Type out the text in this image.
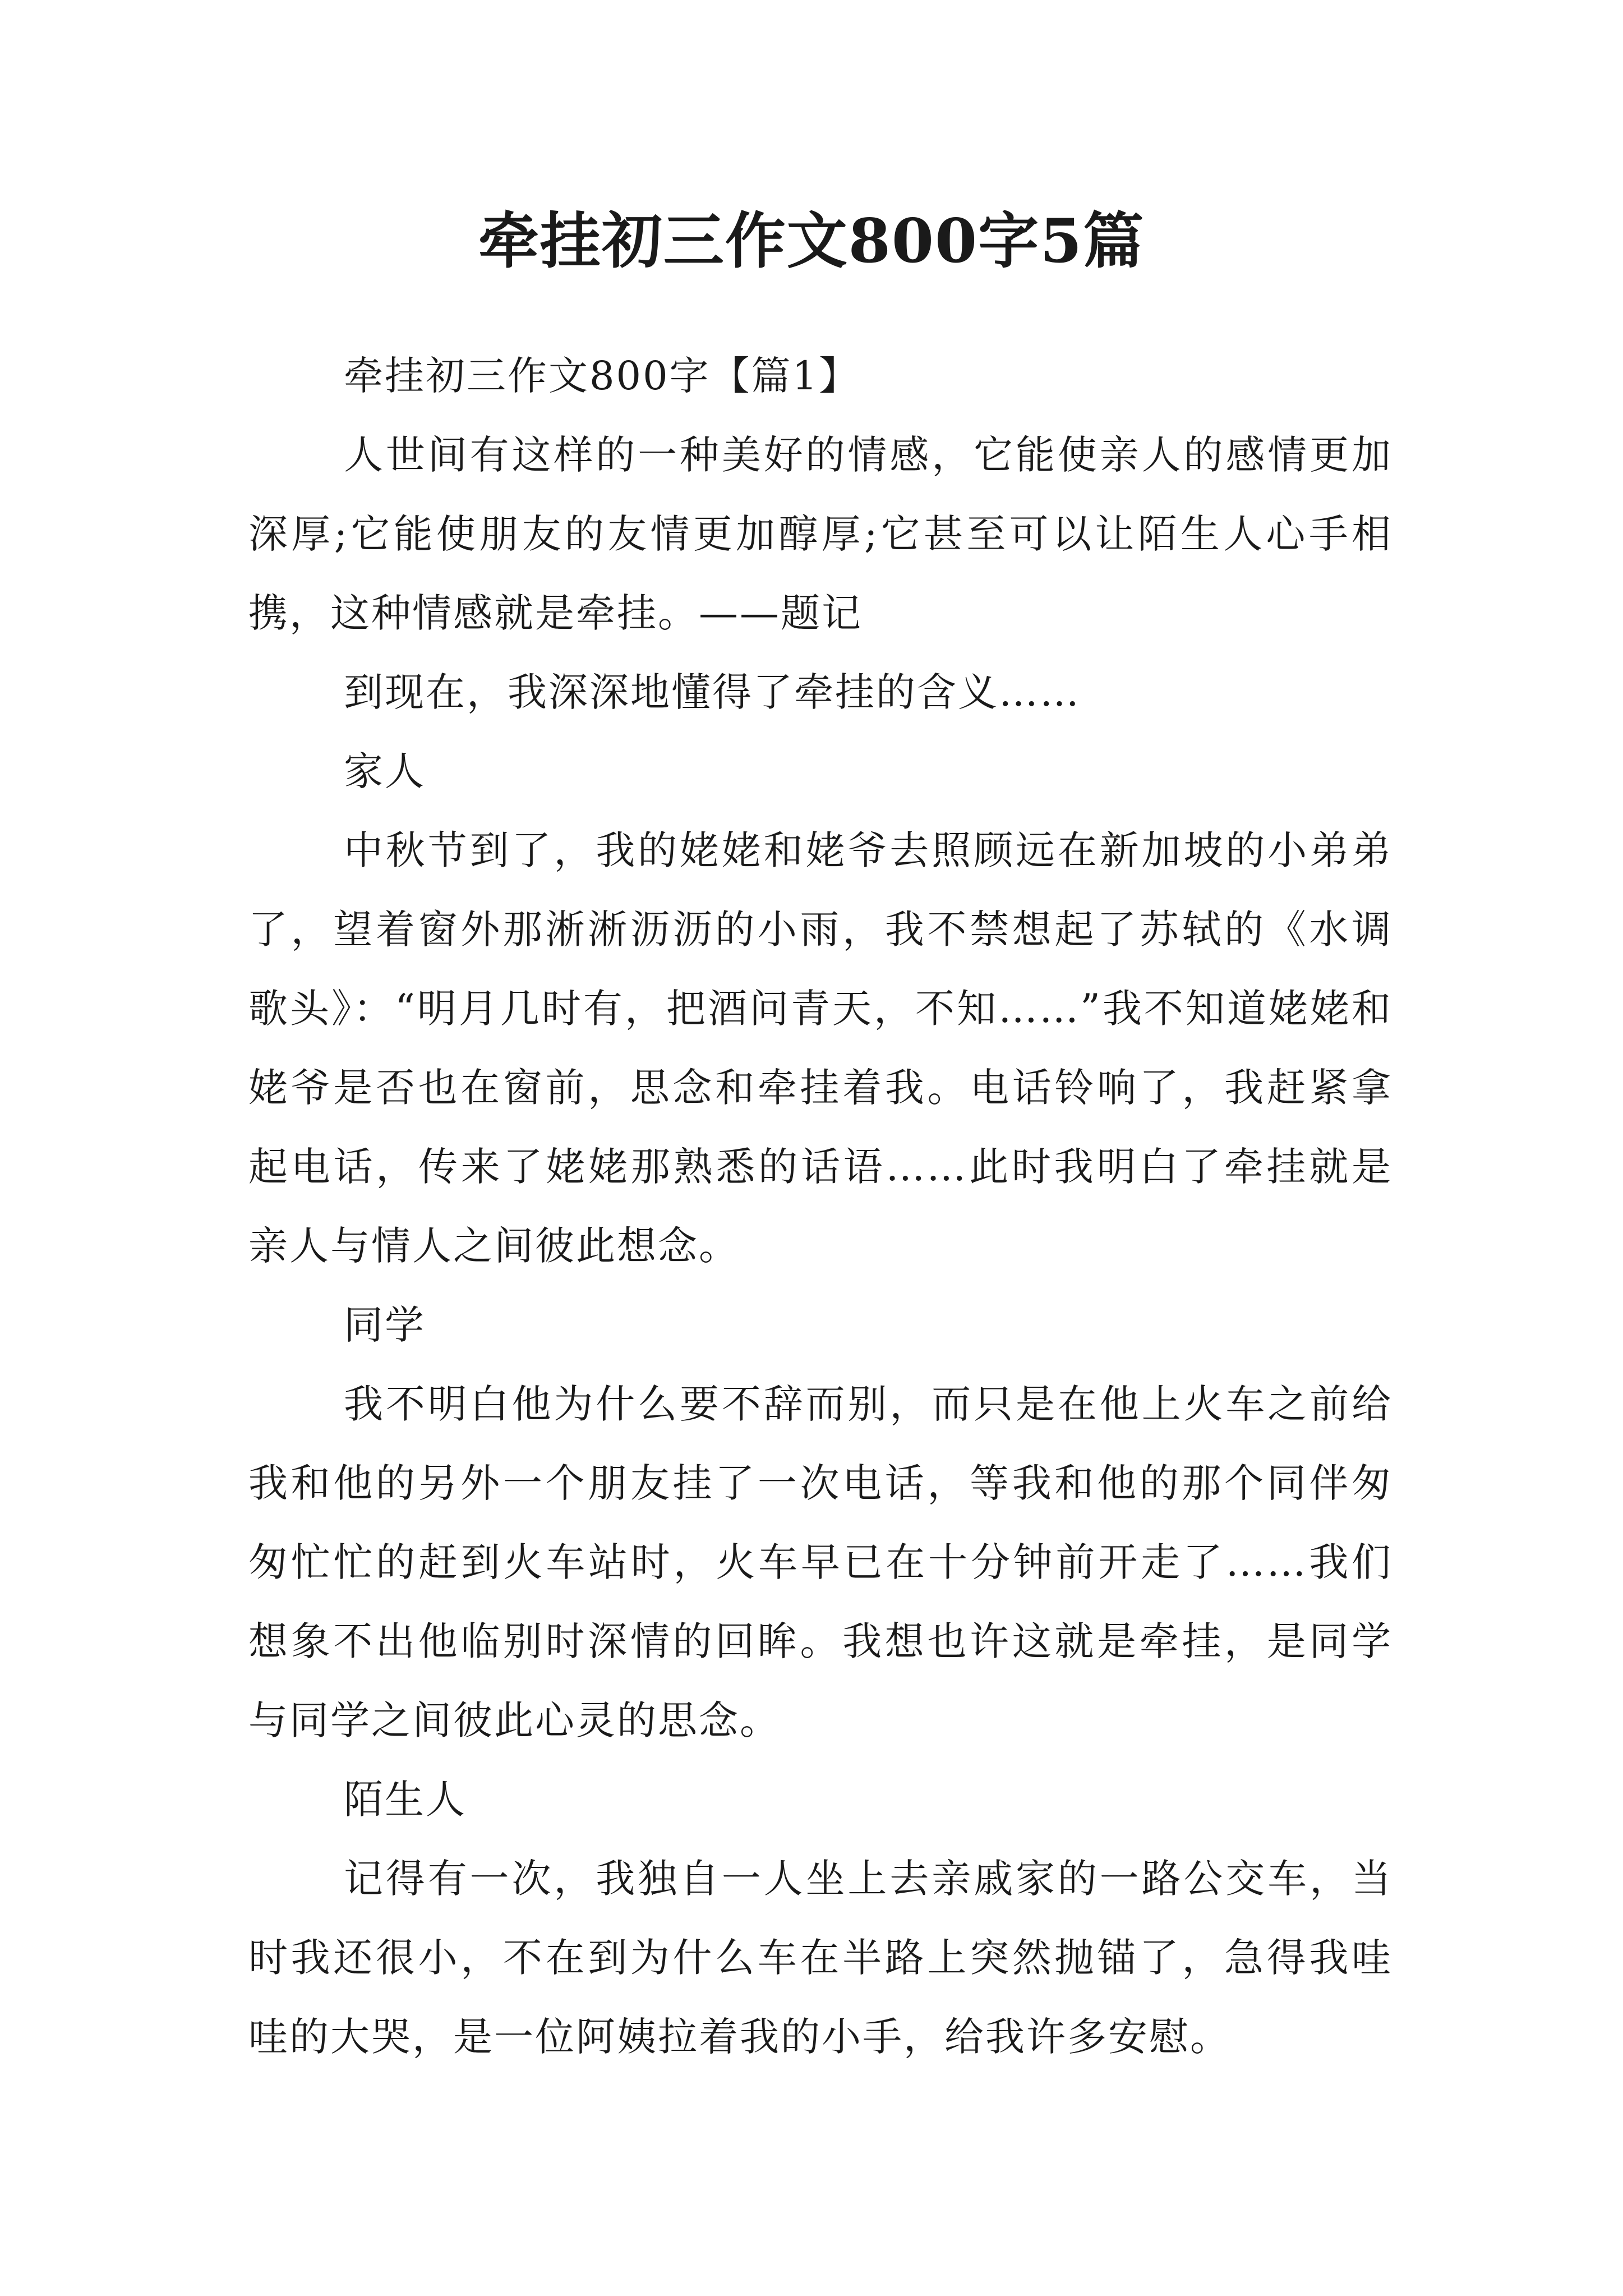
牵挂初三作文800字5篇

牵挂初三作文800字【篇1】

人世间有这样的一种美好的情感，它能使亲人的感情更加深厚;它能使朋友的友情更加醇厚;它甚至可以让陌生人心手相携，这种情感就是牵挂。——题记

到现在，我深深地懂得了牵挂的含义……

家人

中秋节到了，我的姥姥和姥爷去照顾远在新加坡的小弟弟了，望着窗外那淅淅沥沥的小雨，我不禁想起了苏轼的《水调歌头》：“明月几时有，把酒问青天，不知……”我不知道姥姥和姥爷是否也在窗前，思念和牵挂着我。电话铃响了，我赶紧拿起电话，传来了姥姥那熟悉的话语……此时我明白了牵挂就是亲人与情人之间彼此想念。

同学

我不明白他为什么要不辞而别，而只是在他上火车之前给我和他的另外一个朋友挂了一次电话，等我和他的那个同伴匆匆忙忙的赶到火车站时，火车早已在十分钟前开走了……我们想象不出他临别时深情的回眸。我想也许这就是牵挂，是同学与同学之间彼此心灵的思念。

陌生人

记得有一次，我独自一人坐上去亲戚家的一路公交车，当时我还很小，不在到为什么车在半路上突然抛锚了，急得我哇哇的大哭，是一位阿姨拉着我的小手，给我许多安慰。
